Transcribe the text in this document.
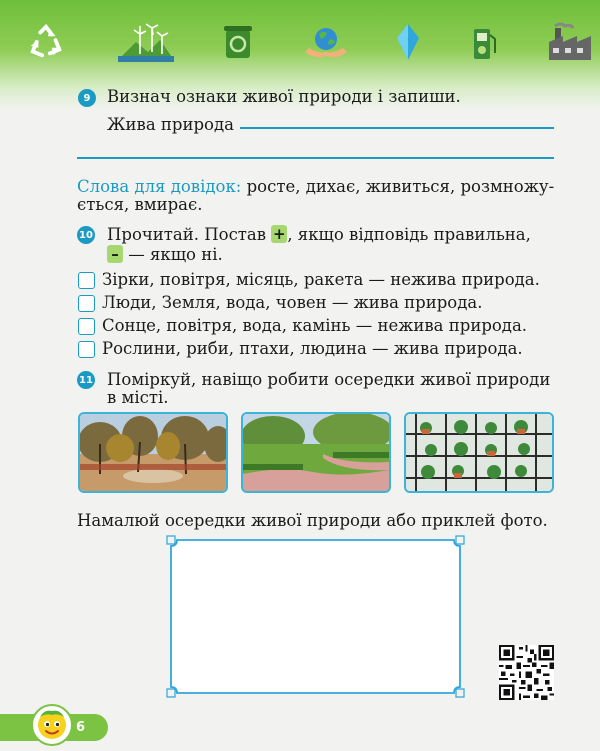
9	Визнач ознаки живої природи і запиши.
Жива природа
Слова для довідок: росте, дихає, живиться, розмножу-
ється, вмирає.
10 Прочитай. Постав + , якщо відповідь правильна,
– — якщо ні.
Зірки, повітря, місяць, ракета — нежива природа.
Люди, Земля, вода, човен — жива природа.
Сонце, повітря, вода, камінь — нежива природа.
Рослини, риби, птахи, людина — жива природа.
11 Поміркуй, навіщо робити осередки живої природи
в місті.
Намалюй осередки живої природи або приклей фото.
6
